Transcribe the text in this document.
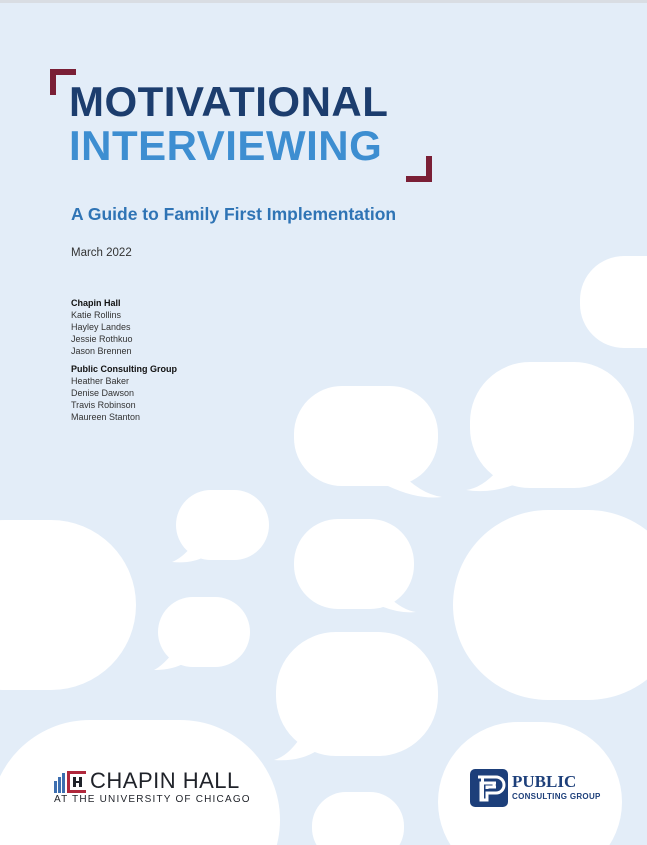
MOTIVATIONAL
INTERVIEWING
A Guide to Family First Implementation
March 2022
Chapin Hall
Katie Rollins
Hayley Landes
Jessie Rothkuo
Jason Brennen
Public Consulting Group
Heather Baker
Denise Dawson
Travis Robinson
Maureen Stanton
CHAPIN HALL
AT THE UNIVERSITY OF CHICAGO
PUBLIC
CONSULTING GROUP
